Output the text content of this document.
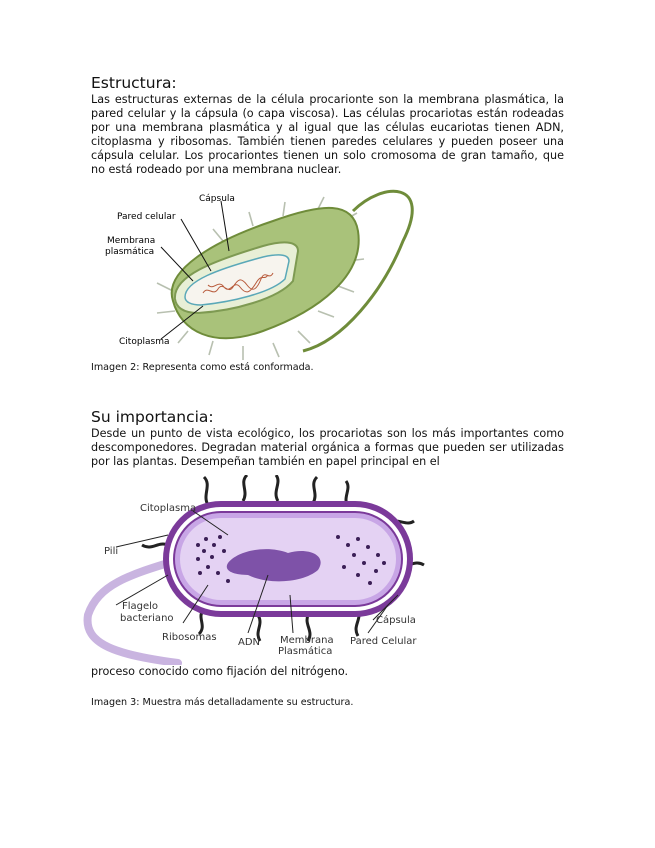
Estructura:

Las estructuras externas de la célula procarionte son la membrana plasmática, la pared celular y la cápsula (o capa viscosa). Las células procariotas están rodeadas por una membrana plasmática y al igual que las células eucariotas tienen ADN, citoplasma y ribosomas. También tienen paredes celulares y pueden poseer una cápsula celular. Los procariontes tienen un solo cromosoma de gran tamaño, que no está rodeado por una membrana nuclear.

Cápsula
Pared celular
Membrana
plasmática
Citoplasma

Imagen 2: Representa como está conformada.

Su importancia:

Desde un punto de vista ecológico, los procariotas son los más importantes como descomponedores. Degradan material orgánica a formas que pueden ser utilizadas por las plantas. Desempeñan también en papel principal en el

Citoplasma
Pili
Flagelo
bacteriano
Ribosomas ADN Membrana
Plasmática
Cápsula
Pared Celular

proceso conocido como fijación del nitrógeno.

Imagen 3: Muestra más detalladamente su estructura.
